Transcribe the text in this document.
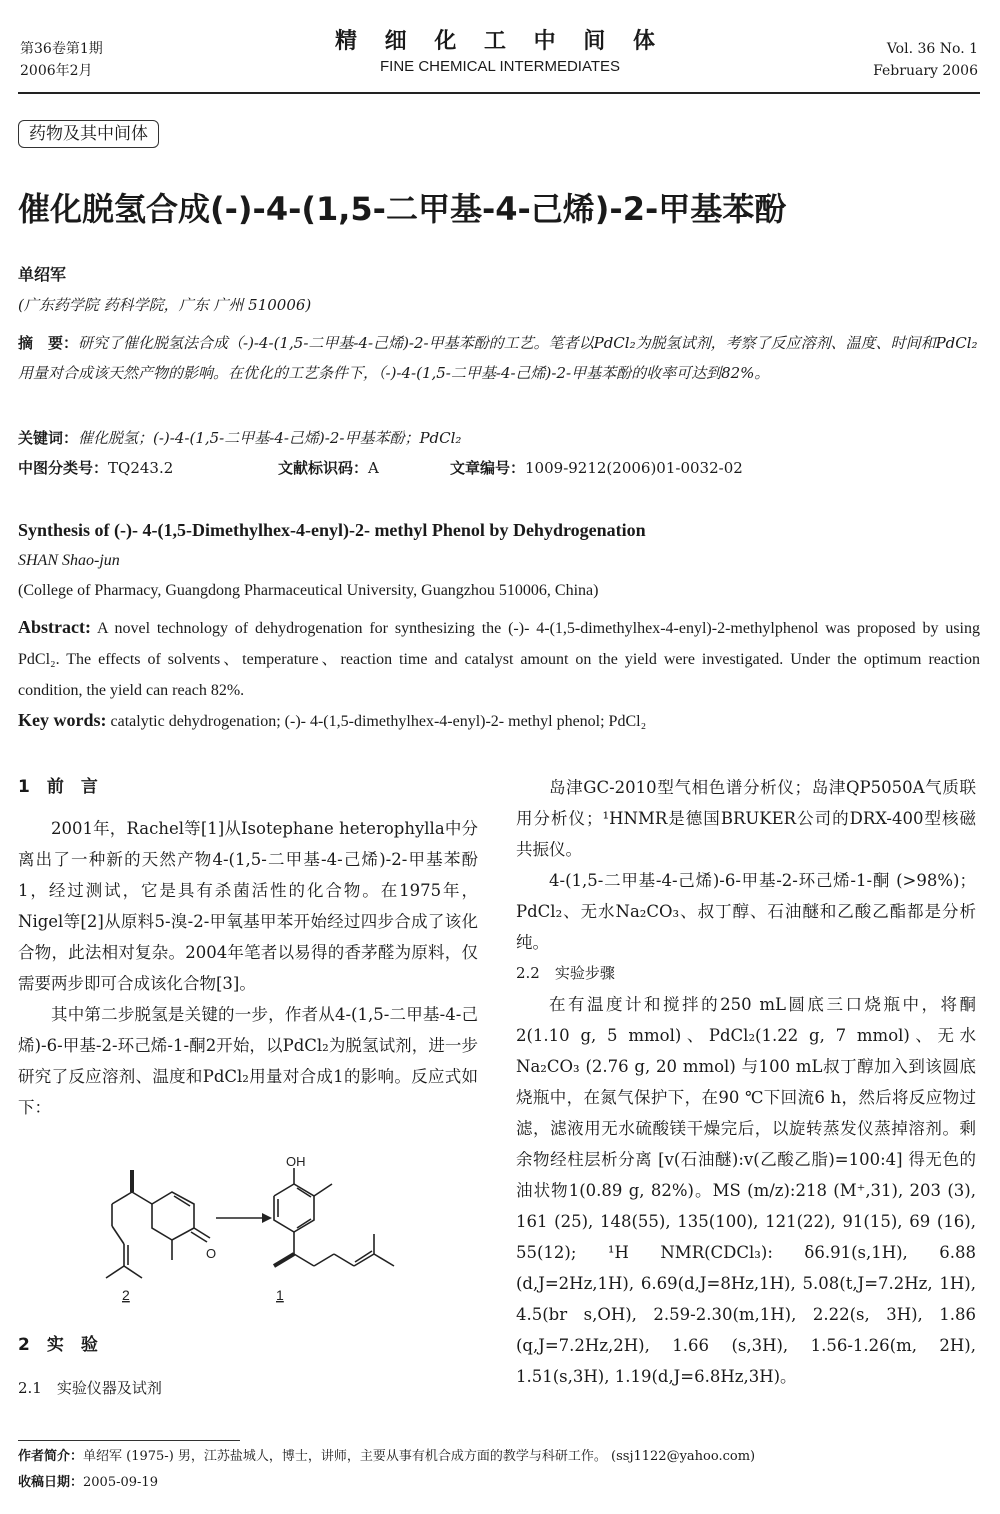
第36卷第1期
2006年2月
精 细 化 工 中 间 体
FINE CHEMICAL INTERMEDIATES
Vol. 36 No. 1
February 2006
药物及其中间体
催化脱氢合成(-)-4-(1,5-二甲基-4-己烯)-2-甲基苯酚
单绍军
(广东药学院 药科学院，广东 广州 510006)
摘　要：研究了催化脱氢法合成（-)-4-(1,5-二甲基-4-己烯)-2-甲基苯酚的工艺。笔者以PdCl₂为脱氢试剂，考察了反应溶剂、温度、时间和PdCl₂用量对合成该天然产物的影响。在优化的工艺条件下，（-)-4-(1,5-二甲基-4-己烯)-2-甲基苯酚的收率可达到82%。
关键词：催化脱氢；(-)-4-(1,5-二甲基-4-己烯)-2-甲基苯酚；PdCl₂
中图分类号：TQ243.2	文献标识码：A	文章编号：1009-9212(2006)01-0032-02
Synthesis of (-)- 4-(1,5-Dimethylhex-4-enyl)-2- methyl Phenol by Dehydrogenation
SHAN Shao-jun
(College of Pharmacy, Guangdong Pharmaceutical University, Guangzhou 510006, China)
Abstract: A novel technology of dehydrogenation for synthesizing the (-)- 4-(1,5-dimethylhex-4-enyl)-2-methylphenol was proposed by using PdCl₂. The effects of solvents、temperature、reaction time and catalyst amount on the yield were investigated. Under the optimum reaction condition, the yield can reach 82%.
Key words: catalytic dehydrogenation; (-)- 4-(1,5-dimethylhex-4-enyl)-2- methyl phenol; PdCl₂
1　前　言

2001年，Rachel等[1]从Isotephane heterophylla中分离出了一种新的天然产物4-(1,5-二甲基-4-己烯)-2-甲基苯酚1，经过测试，它是具有杀菌活性的化合物。在1975年，Nigel等[2]从原料5-溴-2-甲氧基甲苯开始经过四步合成了该化合物，此法相对复杂。2004年笔者以易得的香茅醛为原料，仅需要两步即可合成该化合物[3]。

其中第二步脱氢是关键的一步，作者从4-(1,5-二甲基-4-己烯)-6-甲基-2-环己烯-1-酮2开始，以PdCl₂为脱氢试剂，进一步研究了反应溶剂、温度和PdCl₂用量对合成1的影响。反应式如下：

O
2
OH
1
2　实　验
2.1　实验仪器及试剂

岛津GC-2010型气相色谱分析仪；岛津QP5050A气质联用分析仪；¹HNMR是德国BRUKER公司的DRX-400型核磁共振仪。

4-(1,5-二甲基-4-己烯)-6-甲基-2-环己烯-1-酮 (>98%)；PdCl₂、无水Na₂CO₃、叔丁醇、石油醚和乙酸乙酯都是分析纯。

2.2　实验步骤

在有温度计和搅拌的250 mL圆底三口烧瓶中，将酮2(1.10 g, 5 mmol)、PdCl₂(1.22 g, 7 mmol)、无水Na₂CO₃ (2.76 g, 20 mmol) 与100 mL叔丁醇加入到该圆底烧瓶中，在氮气保护下，在90 ℃下回流6 h，然后将反应物过滤，滤液用无水硫酸镁干燥完后，以旋转蒸发仪蒸掉溶剂。剩余物经柱层析分离 [v(石油醚):v(乙酸乙脂)=100:4] 得无色的油状物1(0.89 g, 82%)。MS (m/z):218 (M⁺,31), 203 (3), 161 (25), 148(55), 135(100), 121(22), 91(15), 69 (16), 55(12); ¹H NMR(CDCl₃): δ6.91(s,1H), 6.88 (d,J=2Hz,1H), 6.69(d,J=8Hz,1H), 5.08(t,J=7.2Hz, 1H), 4.5(br s,OH), 2.59-2.30(m,1H), 2.22(s, 3H), 1.86 (q,J=7.2Hz,2H), 1.66 (s,3H), 1.56-1.26(m, 2H), 1.51(s,3H), 1.19(d,J=6.8Hz,3H)。

作者简介：单绍军 (1975-) 男，江苏盐城人，博士，讲师，主要从事有机合成方面的教学与科研工作。 (ssj1122@yahoo.com)
收稿日期：2005-09-19
